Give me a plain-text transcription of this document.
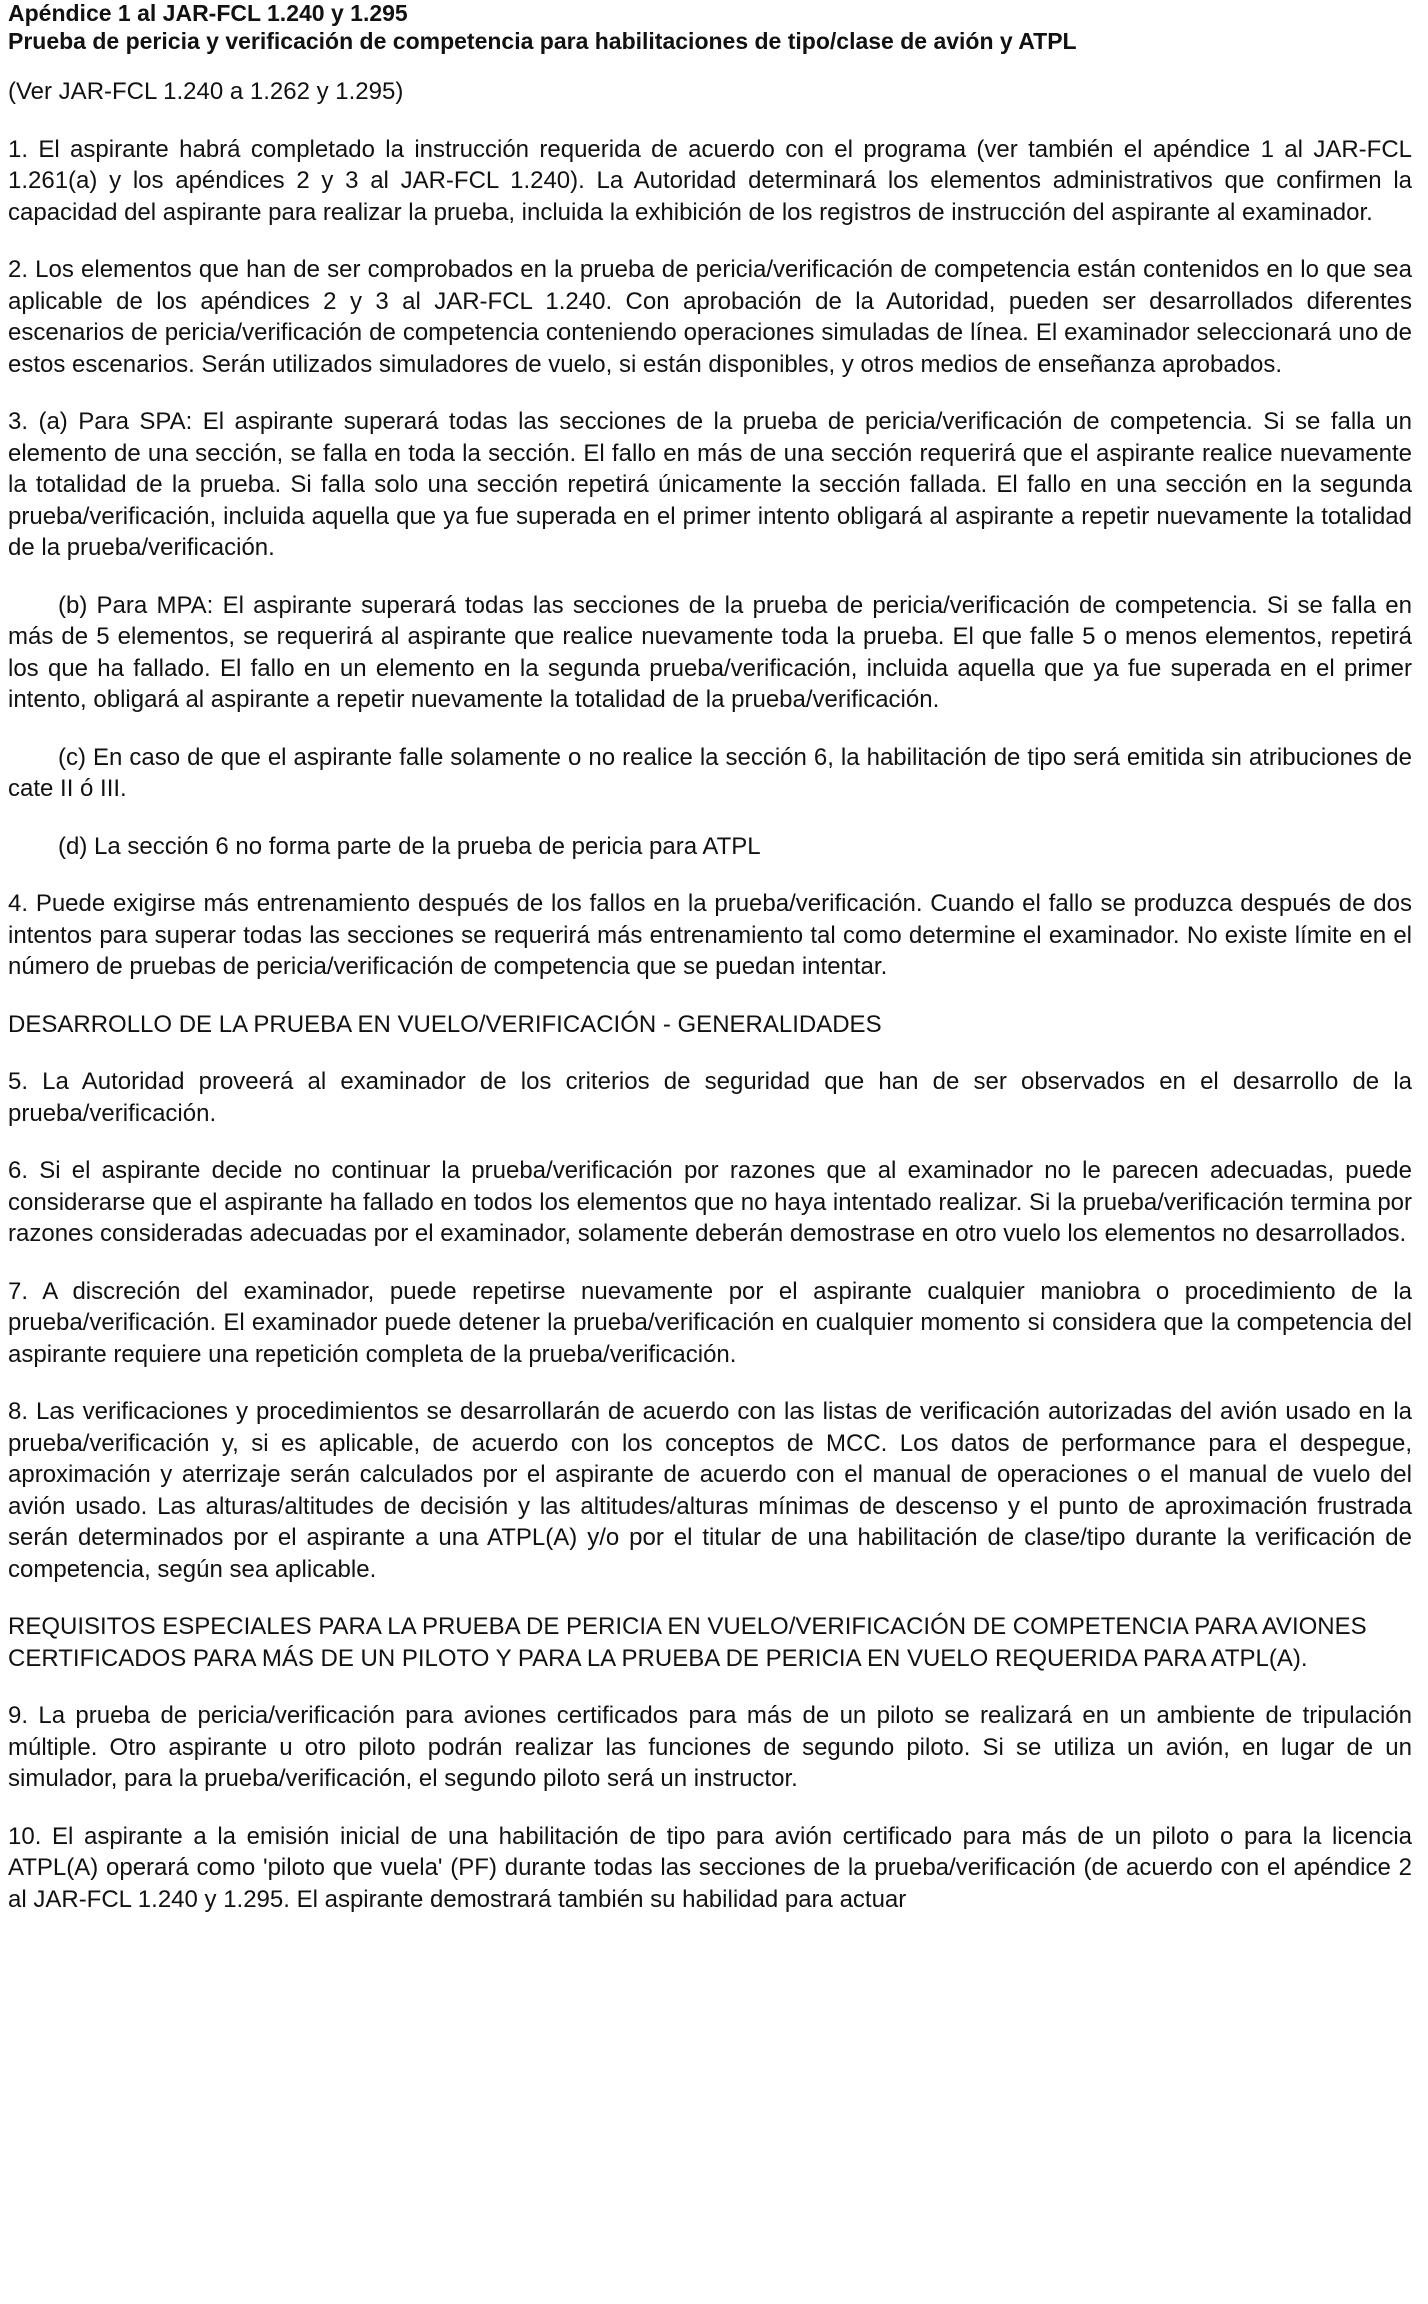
Apéndice 1 al JAR-FCL 1.240 y 1.295
Prueba de pericia y verificación de competencia para habilitaciones de tipo/clase de avión y ATPL

(Ver JAR-FCL 1.240 a 1.262 y 1.295)

1. El aspirante habrá completado la instrucción requerida de acuerdo con el programa (ver también el apéndice 1 al JAR-FCL 1.261(a) y los apéndices 2 y 3 al JAR-FCL 1.240). La Autoridad determinará los elementos administrativos que confirmen la capacidad del aspirante para realizar la prueba, incluida la exhibición de los registros de instrucción del aspirante al examinador.

2. Los elementos que han de ser comprobados en la prueba de pericia/verificación de competencia están contenidos en lo que sea aplicable de los apéndices 2 y 3 al JAR-FCL 1.240. Con aprobación de la Autoridad, pueden ser desarrollados diferentes escenarios de pericia/verificación de competencia conteniendo operaciones simuladas de línea. El examinador seleccionará uno de estos escenarios. Serán utilizados simuladores de vuelo, si están disponibles, y otros medios de enseñanza aprobados.

3. (a) Para SPA: El aspirante superará todas las secciones de la prueba de pericia/verificación de competencia. Si se falla un elemento de una sección, se falla en toda la sección. El fallo en más de una sección requerirá que el aspirante realice nuevamente la totalidad de la prueba. Si falla solo una sección repetirá únicamente la sección fallada. El fallo en una sección en la segunda prueba/verificación, incluida aquella que ya fue superada en el primer intento obligará al aspirante a repetir nuevamente la totalidad de la prueba/verificación.

(b) Para MPA: El aspirante superará todas las secciones de la prueba de pericia/verificación de competencia. Si se falla en más de 5 elementos, se requerirá al aspirante que realice nuevamente toda la prueba. El que falle 5 o menos elementos, repetirá los que ha fallado. El fallo en un elemento en la segunda prueba/verificación, incluida aquella que ya fue superada en el primer intento, obligará al aspirante a repetir nuevamente la totalidad de la prueba/verificación.

(c) En caso de que el aspirante falle solamente o no realice la sección 6, la habilitación de tipo será emitida sin atribuciones de cate II ó III.

(d) La sección 6 no forma parte de la prueba de pericia para ATPL

4. Puede exigirse más entrenamiento después de los fallos en la prueba/verificación. Cuando el fallo se produzca después de dos intentos para superar todas las secciones se requerirá más entrenamiento tal como determine el examinador. No existe límite en el número de pruebas de pericia/verificación de competencia que se puedan intentar.

DESARROLLO DE LA PRUEBA EN VUELO/VERIFICACIÓN - GENERALIDADES

5. La Autoridad proveerá al examinador de los criterios de seguridad que han de ser observados en el desarrollo de la prueba/verificación.

6. Si el aspirante decide no continuar la prueba/verificación por razones que al examinador no le parecen adecuadas, puede considerarse que el aspirante ha fallado en todos los elementos que no haya intentado realizar. Si la prueba/verificación termina por razones consideradas adecuadas por el examinador, solamente deberán demostrase en otro vuelo los elementos no desarrollados.

7. A discreción del examinador, puede repetirse nuevamente por el aspirante cualquier maniobra o procedimiento de la prueba/verificación. El examinador puede detener la prueba/verificación en cualquier momento si considera que la competencia del aspirante requiere una repetición completa de la prueba/verificación.

8. Las verificaciones y procedimientos se desarrollarán de acuerdo con las listas de verificación autorizadas del avión usado en la prueba/verificación y, si es aplicable, de acuerdo con los conceptos de MCC. Los datos de performance para el despegue, aproximación y aterrizaje serán calculados por el aspirante de acuerdo con el manual de operaciones o el manual de vuelo del avión usado. Las alturas/altitudes de decisión y las altitudes/alturas mínimas de descenso y el punto de aproximación frustrada serán determinados por el aspirante a una ATPL(A) y/o por el titular de una habilitación de clase/tipo durante la verificación de competencia, según sea aplicable.

REQUISITOS ESPECIALES PARA LA PRUEBA DE PERICIA EN VUELO/VERIFICACIÓN DE COMPETENCIA PARA AVIONES CERTIFICADOS PARA MÁS DE UN PILOTO Y PARA LA PRUEBA DE PERICIA EN VUELO REQUERIDA PARA ATPL(A).

9. La prueba de pericia/verificación para aviones certificados para más de un piloto se realizará en un ambiente de tripulación múltiple. Otro aspirante u otro piloto podrán realizar las funciones de segundo piloto. Si se utiliza un avión, en lugar de un simulador, para la prueba/verificación, el segundo piloto será un instructor.

10. El aspirante a la emisión inicial de una habilitación de tipo para avión certificado para más de un piloto o para la licencia ATPL(A) operará como 'piloto que vuela' (PF) durante todas las secciones de la prueba/verificación (de acuerdo con el apéndice 2 al JAR-FCL 1.240 y 1.295. El aspirante demostrará también su habilidad para actuar
